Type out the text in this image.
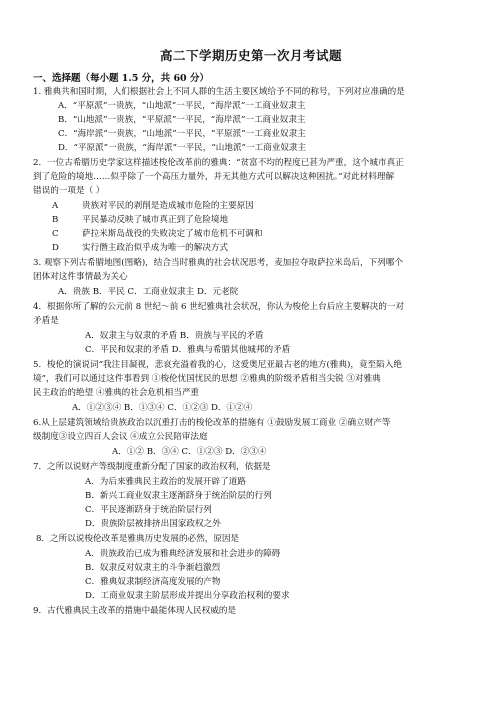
高二下学期历史第一次月考试题
一、选择题（每小题 1.5 分，共 60 分）
1. 雅典共和国时期，人们根据社会上不同人群的生活主要区域给予不同的称号，下列对应准确的是
A．“平原派”一贵族，“山地派”一平民，“海岸派”一工商业奴隶主
B．“山地派”一贵族，“平原派”一平民，“海岸派”一工商业奴隶主
C．“海岸派”一贵族，“山地派”一平民，“平原派”一工商业奴隶主
D．“平原派”一贵族，“海岸派”一平民，“山地派”一工商业奴隶主
2．一位古希腊历史学家这样描述梭伦改革前的雅典：“贫富不均的程度已甚为严重，这个城市真正
到了危险的境地……似乎除了一个高压力量外，并无其他方式可以解决这种困扰。”对此材料理解
错误的一项是（ ）
A	贵族对平民的剥削是造成城市危险的主要原因
B	平民暴动反映了城市真正到了危险境地
C	萨拉米斯岛战役的失败决定了城市危机不可调和
D	实行僭主政治似乎成为唯一的解决方式
3. 观察下列古希腊地图(图略)，结合当时雅典的社会状况思考，麦加拉夺取萨拉米岛后，下列哪个
团体对这件事情最为关心
A．贵族 B．平民 C．工商业奴隶主 D．元老院
4．根据你所了解的公元前 8 世纪～前 6 世纪雅典社会状况，你认为梭伦上台后应主要解决的一对
矛盾是
A．奴隶主与奴隶的矛盾 B．贵族与平民的矛盾
C．平民和奴隶的矛盾 D．雅典与希腊其他城邦的矛盾
5．梭伦的演说词“我注目凝视，悲哀充溢着我的心，这爱奥尼亚最古老的地方(雅典)，竟至陷入绝
境”，我们可以通过这件事看到 ①梭伦忧国忧民的思想 ②雅典的阶级矛盾相当尖锐 ③对雅典
民主政治的绝望 ④雅典的社会危机相当严重
A．①②③④ B．①③④ C．①②③ D．①②④
6.从上层建筑领域给贵族政治以沉重打击的梭伦改革的措施有 ①鼓励发展工商业 ②确立财产等
级制度③设立四百人会议 ④成立公民陪审法庭
A．①② B．③④ C．①②③ D．②③④
7．之所以说财产等级制度重新分配了国家的政治权利，依据是
A．为后来雅典民主政治的发展开辟了道路
B．新兴工商业奴隶主逐渐跻身于统治阶层的行列
C．平民逐渐跻身于统治阶层行列
D．贵族阶层被排挤出国家政权之外
8．之所以说梭伦改革是雅典历史发展的必然，原因是
A．贵族政治已成为雅典经济发展和社会进步的障碍
B．奴隶反对奴隶主的斗争渐趋激烈
C．雅典奴隶制经济高度发展的产物
D．工商业奴隶主阶层形成并提出分享政治权利的要求
9．古代雅典民主改革的措施中最能体现人民权威的是
